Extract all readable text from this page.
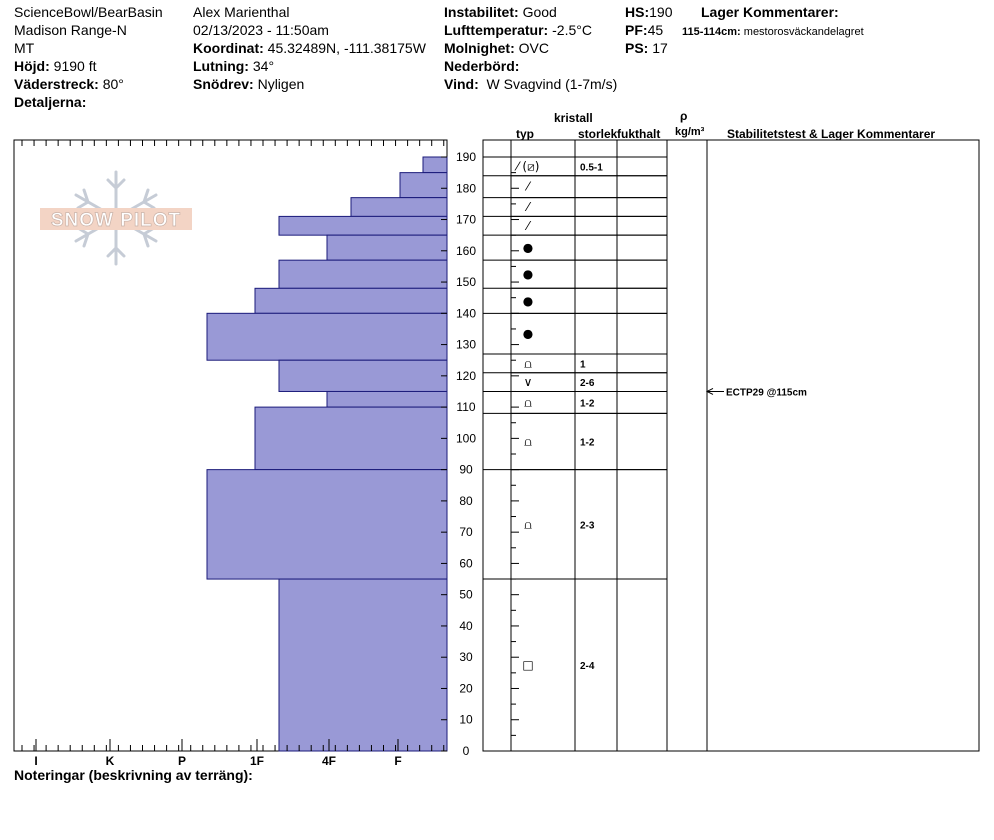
ScienceBowl/BearBasin
Madison Range-N
MT
Höjd: 9190 ft
Väderstreck: 80°
Detaljerna:
Alex Marienthal
02/13/2023 - 11:50am
Koordinat: 45.32489N, -111.38175W
Lutning: 34°
Snödrev: Nyligen
Instabilitet: Good
Lufttemperatur: -2.5°C
Molnighet: OVC
Nederbörd:
Vind: W Svagvind (1-7m/s)
HS:190
PF:45
PS: 17
Lager Kommentarer:
115-114cm: mestorosväckandelagret
kristall
typ	storlek fukthalt
ρ
kg/m³ Stabilitetstest & Lager Kommentarer
Noteringar (beskrivning av terräng):
SNOW PILOT
I	K	P	1F	4F	F
0
10
20
30
40
50
60
70
80
90
100
110
120
130
140
150
160
170
180
190
⁄ (⧄)	0.5-1
⁄
⁄
⁄
●
●
●
●
⩍	1
∨	2-6
⩍	1-2
⩍	1-2
⩍	2-3
□	2-4
ECTP29 @115cm
